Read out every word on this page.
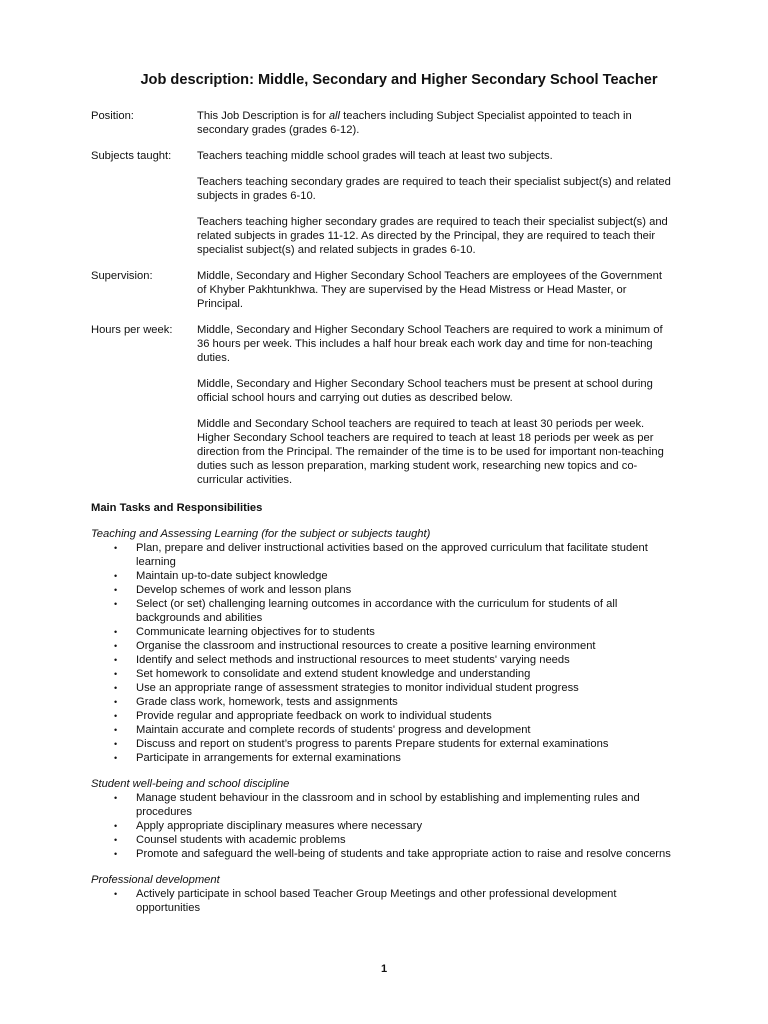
Job description: Middle, Secondary and Higher Secondary School Teacher
Position:	This Job Description is for all teachers including Subject Specialist appointed to teach in secondary grades (grades 6-12).
Subjects taught:	Teachers teaching middle school grades will teach at least two subjects.
Teachers teaching secondary grades are required to teach their specialist subject(s) and related subjects in grades 6-10.
Teachers teaching higher secondary grades are required to teach their specialist subject(s) and related subjects in grades 11-12. As directed by the Principal, they are required to teach their specialist subject(s) and related subjects in grades 6-10.
Supervision:	Middle, Secondary and Higher Secondary School Teachers are employees of the Government of Khyber Pakhtunkhwa. They are supervised by the Head Mistress or Head Master, or Principal.
Hours per week:	Middle, Secondary and Higher Secondary School Teachers are required to work a minimum of 36 hours per week. This includes a half hour break each work day and time for non-teaching duties.
Middle, Secondary and Higher Secondary School teachers must be present at school during official school hours and carrying out duties as described below.
Middle and Secondary School teachers are required to teach at least 30 periods per week. Higher Secondary School teachers are required to teach at least 18 periods per week as per direction from the Principal. The remainder of the time is to be used for important non-teaching duties such as lesson preparation, marking student work, researching new topics and co-curricular activities.
Main Tasks and Responsibilities
Teaching and Assessing Learning (for the subject or subjects taught)
•	Plan, prepare and deliver instructional activities based on the approved curriculum that facilitate student learning
•	Maintain up-to-date subject knowledge
•	Develop schemes of work and lesson plans
•	Select (or set) challenging learning outcomes in accordance with the curriculum for students of all backgrounds and abilities
•	Communicate learning objectives for to students
•	Organise the classroom and instructional resources to create a positive learning environment
•	Identify and select methods and instructional resources to meet students' varying needs
•	Set homework to consolidate and extend student knowledge and understanding
•	Use an appropriate range of assessment strategies to monitor individual student progress
•	Grade class work, homework, tests and assignments
•	Provide regular and appropriate feedback on work to individual students
•	Maintain accurate and complete records of students' progress and development
•	Discuss and report on student’s progress to parents Prepare students for external examinations
•	Participate in arrangements for external examinations
Student well-being and school discipline
•	Manage student behaviour in the classroom and in school by establishing and implementing rules and procedures
•	Apply appropriate disciplinary measures where necessary
•	Counsel students with academic problems
•	Promote and safeguard the well-being of students and take appropriate action to raise and resolve concerns
Professional development
•	Actively participate in school based Teacher Group Meetings and other professional development opportunities
1
